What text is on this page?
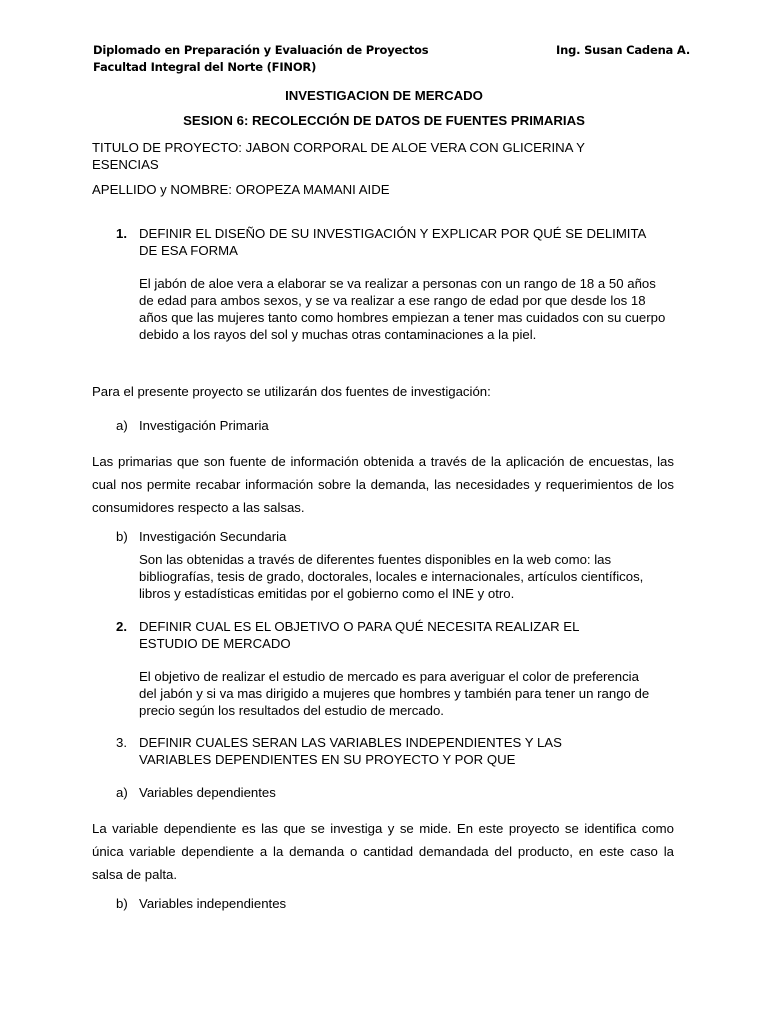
Diplomado en Preparación y Evaluación de Proyectos	Ing. Susan Cadena A.
Facultad Integral del Norte (FINOR)
INVESTIGACION DE MERCADO
SESION 6: RECOLECCIÓN DE DATOS DE FUENTES PRIMARIAS
TITULO DE PROYECTO: JABON CORPORAL DE ALOE VERA CON GLICERINA Y ESENCIAS
APELLIDO y NOMBRE: OROPEZA MAMANI AIDE
1. DEFINIR EL DISEÑO DE SU INVESTIGACIÓN Y EXPLICAR POR QUÉ SE DELIMITA DE ESA FORMA
El jabón de aloe vera a elaborar se va realizar a personas con un rango de 18 a 50 años de edad para ambos sexos, y se va realizar a ese rango de edad por que desde los 18 años que las mujeres tanto como hombres empiezan a tener mas cuidados con su cuerpo debido a los rayos del sol y muchas otras contaminaciones a la piel.
Para el presente proyecto se utilizarán dos fuentes de investigación:
a) Investigación Primaria
Las primarias que son fuente de información obtenida a través de la aplicación de encuestas, las cual nos permite recabar información sobre la demanda, las necesidades y requerimientos de los consumidores respecto a las salsas.
b) Investigación Secundaria
Son las obtenidas a través de diferentes fuentes disponibles en la web como: las bibliografías, tesis de grado, doctorales, locales e internacionales, artículos científicos, libros y estadísticas emitidas por el gobierno como el INE y otro.
2. DEFINIR CUAL ES EL OBJETIVO O PARA QUÉ NECESITA REALIZAR EL ESTUDIO DE MERCADO
El objetivo de realizar el estudio de mercado es para averiguar el color de preferencia del jabón y si va mas dirigido a mujeres que hombres y también para tener un rango de precio según los resultados del estudio de mercado.
3. DEFINIR CUALES SERAN LAS VARIABLES INDEPENDIENTES Y LAS VARIABLES DEPENDIENTES EN SU PROYECTO Y POR QUE
a) Variables dependientes
La variable dependiente es las que se investiga y se mide. En este proyecto se identifica como única variable dependiente a la demanda o cantidad demandada del producto, en este caso la salsa de palta.
b) Variables independientes
